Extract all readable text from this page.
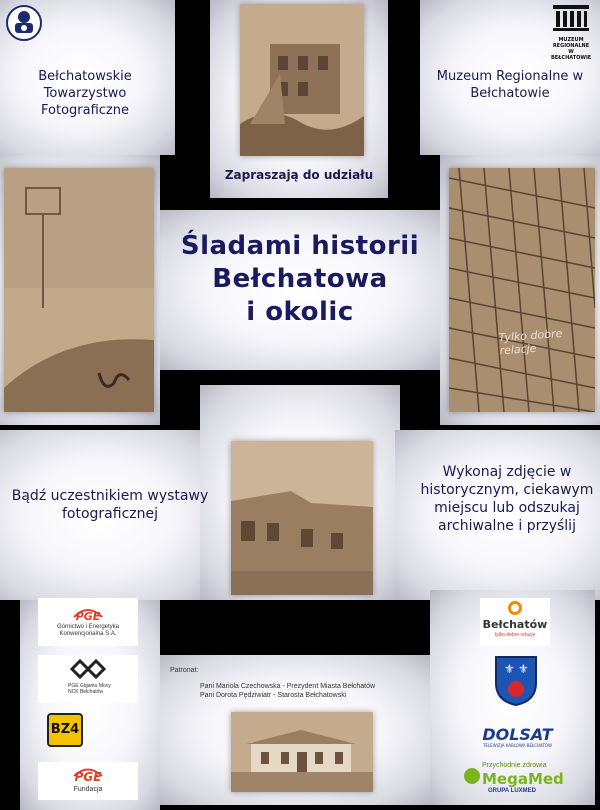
MUZEUM REGIONALNE W BEŁCHATOWIE
Bełchatowskie Towarzystwo Fotograficzne
Muzeum Regionalne w Bełchatowie
Zapraszają do udziału
Śladami historii
Bełchatowa
i okolic
Tylko dobre relacje
Bądź uczestnikiem wystawy fotograficznej
Wykonaj zdjęcie w historycznym, ciekawym miejscu lub odszukaj archiwalne i przyślij
PGE
Górnictwo i Energetyka Konwencjonalna S.A.
PGE Gigantu Mocy NCK Bełchatów
BZ4
PGE
Fundacja
Patronat:
Pani Mariola Czechowska - Prezydent Miasta Bełchatów
Pani Dorota Pędziwiatr - Starosta Bełchatowski
Bełchatów
tylko dobre relacje
⚜ ⚜
DOLSAT
TELEWIZJA KABLOWA BEŁCHATÓW
Przychodnie zdrowia
MegaMed
GRUPA LUXMED
